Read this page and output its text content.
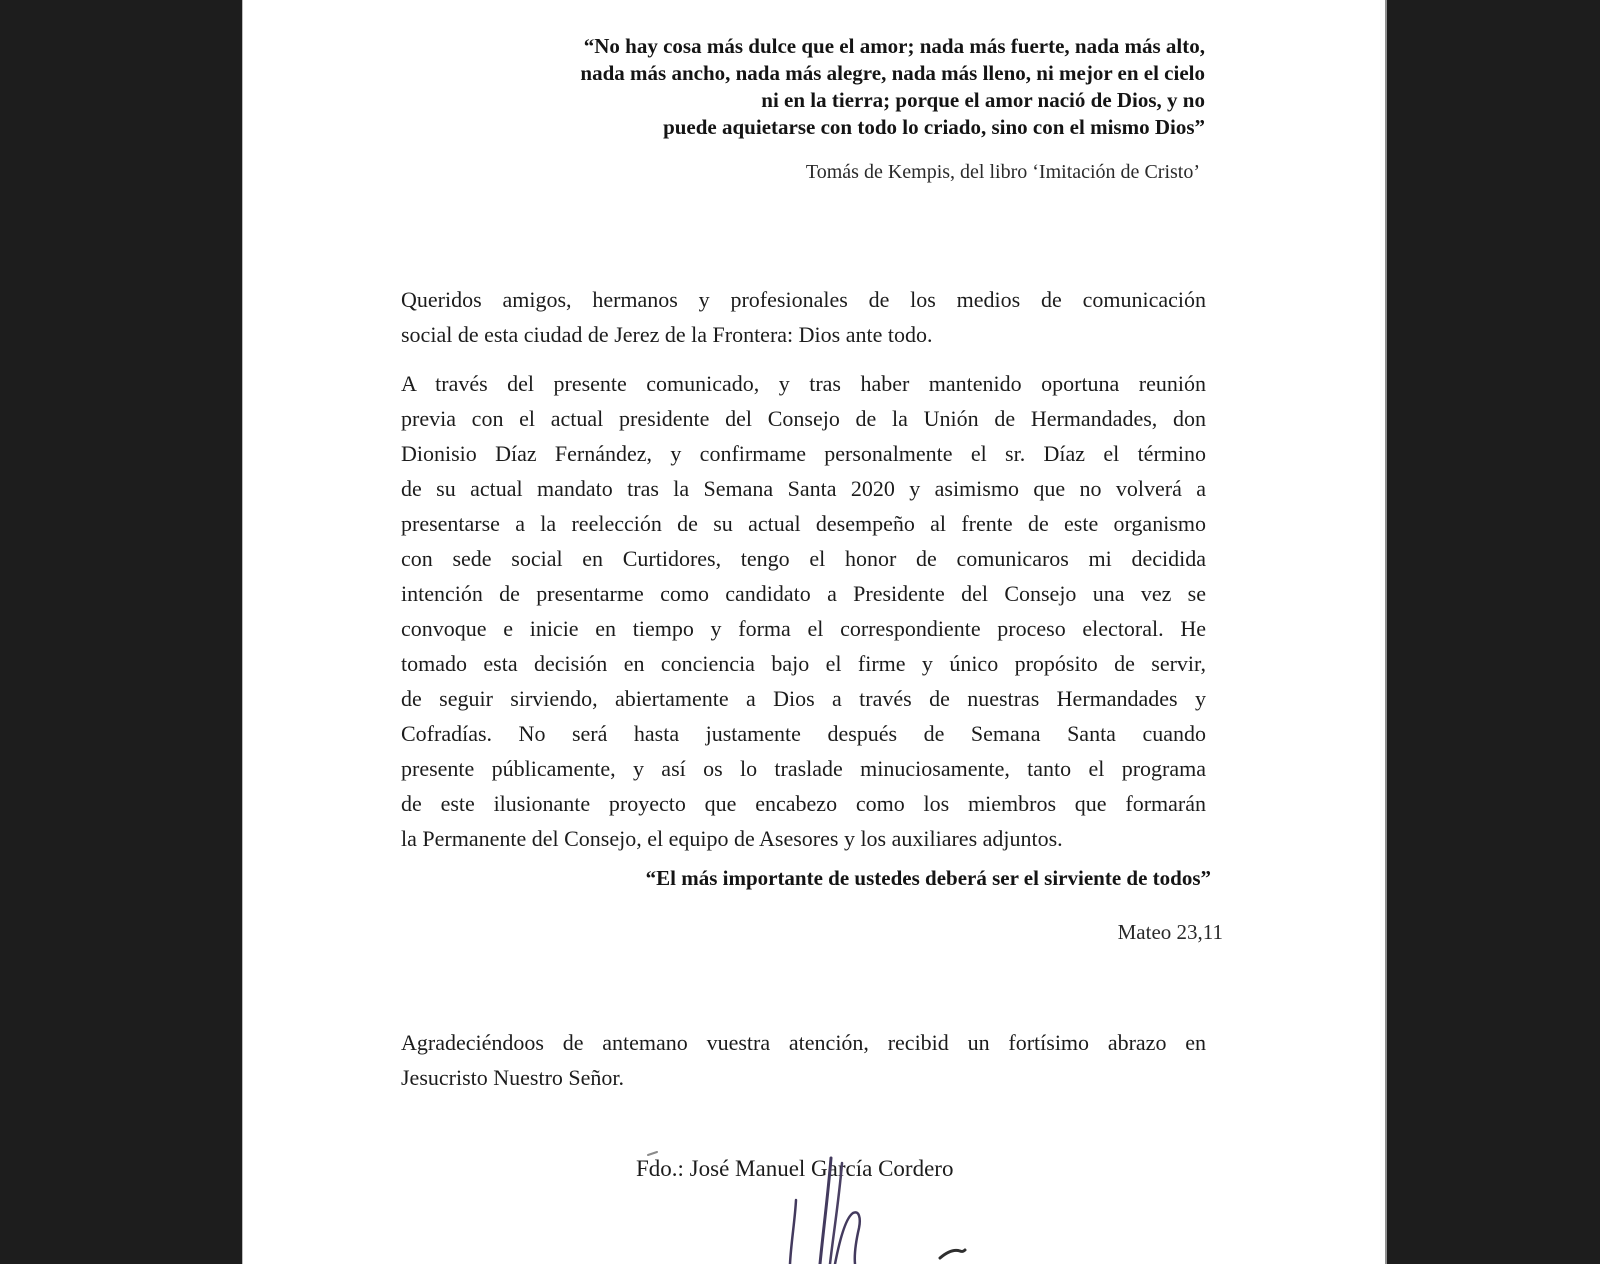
“No hay cosa más dulce que el amor; nada más fuerte, nada más alto,
nada más ancho, nada más alegre, nada más lleno, ni mejor en el cielo
ni en la tierra; porque el amor nació de Dios, y no
puede aquietarse con todo lo criado, sino con el mismo Dios”
Tomás de Kempis, del libro ‘Imitación de Cristo’
Queridos amigos, hermanos y profesionales de los medios de comunicación
social de esta ciudad de Jerez de la Frontera: Dios ante todo.
A través del presente comunicado, y tras haber mantenido oportuna reunión
previa con el actual presidente del Consejo de la Unión de Hermandades, don
Dionisio Díaz Fernández, y confirmame personalmente el sr. Díaz el término
de su actual mandato tras la Semana Santa 2020 y asimismo que no volverá a
presentarse a la reelección de su actual desempeño al frente de este organismo
con sede social en Curtidores, tengo el honor de comunicaros mi decidida
intención de presentarme como candidato a Presidente del Consejo una vez se
convoque e inicie en tiempo y forma el correspondiente proceso electoral. He
tomado esta decisión en conciencia bajo el firme y único propósito de servir,
de seguir sirviendo, abiertamente a Dios a través de nuestras Hermandades y
Cofradías. No será hasta justamente después de Semana Santa cuando
presente públicamente, y así os lo traslade minuciosamente, tanto el programa
de este ilusionante proyecto que encabezo como los miembros que formarán
la Permanente del Consejo, el equipo de Asesores y los auxiliares adjuntos.
“El más importante de ustedes deberá ser el sirviente de todos”
Mateo 23,11
Agradeciéndoos de antemano vuestra atención, recibid un fortísimo abrazo en
Jesucristo Nuestro Señor.
Fdo.: José Manuel García Cordero
